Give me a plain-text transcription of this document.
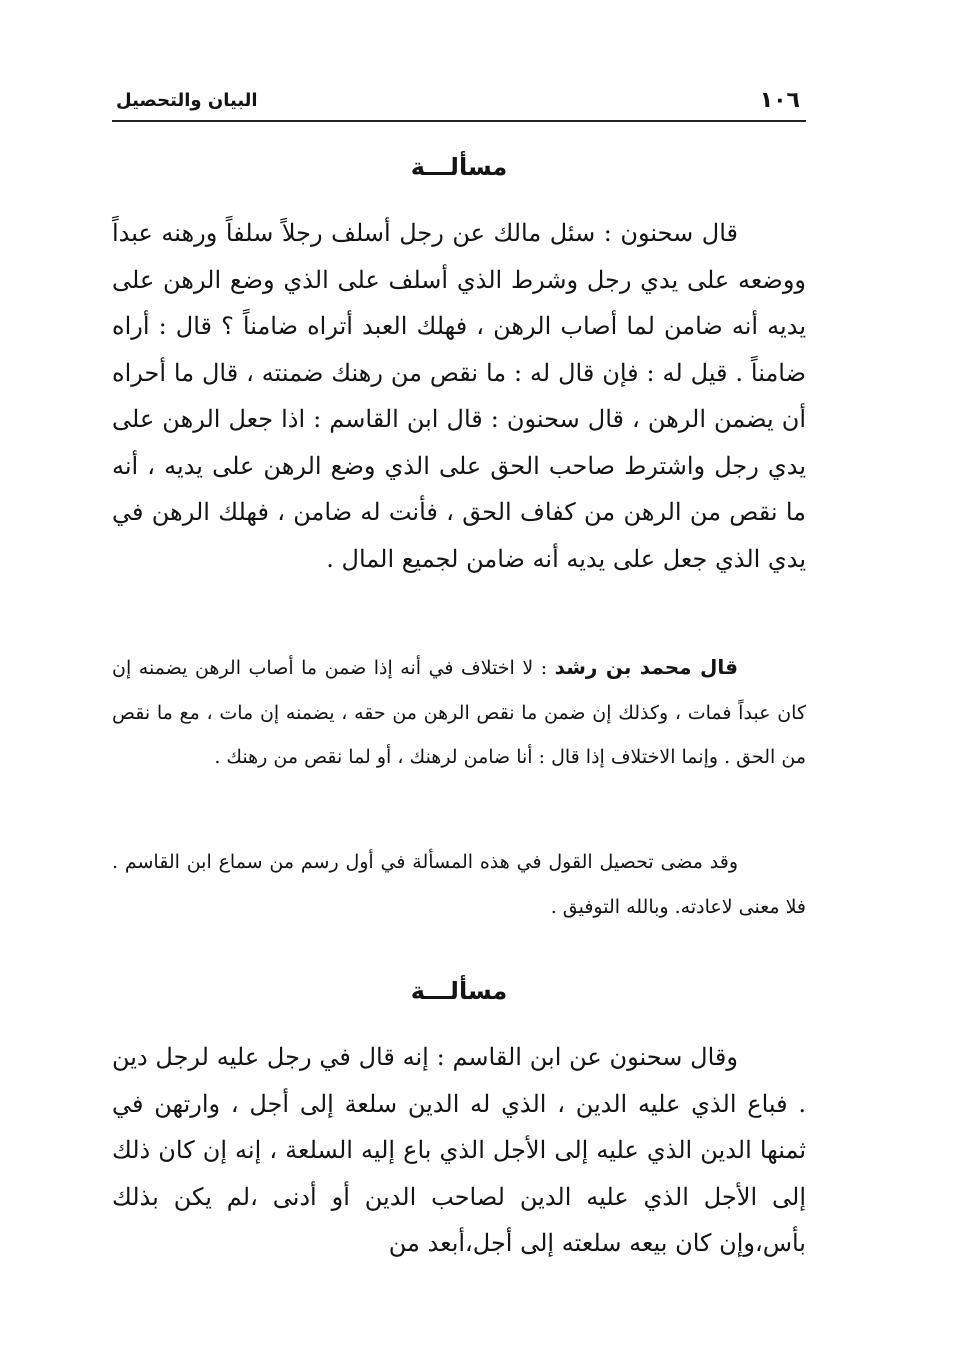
١٠٦
البيان والتحصيل
مسألـــة

قال سحنون : سئل مالك عن رجل أسلف رجلاً سلفاً ورهنه عبداً ووضعه على يدي رجل وشرط الذي أسلف على الذي وضع الرهن على يديه أنه ضامن لما أصاب الرهن ، فهلك العبد أتراه ضامناً ؟ قال : أراه ضامناً . قيل له : فإن قال له : ما نقص من رهنك ضمنته ، قال ما أحراه أن يضمن الرهن ، قال سحنون : قال ابن القاسم : اذا جعل الرهن على يدي رجل واشترط صاحب الحق على الذي وضع الرهن على يديه ، أنه ما نقص من الرهن من كفاف الحق ، فأنت له ضامن ، فهلك الرهن في يدي الذي جعل على يديه أنه ضامن لجميع المال .

قال محمد بن رشد : لا اختلاف في أنه إذا ضمن ما أصاب الرهن يضمنه إن كان عبداً فمات ، وكذلك إن ضمن ما نقص الرهن من حقه ، يضمنه إن مات ، مع ما نقص من الحق . وإنما الاختلاف إذا قال : أنا ضامن لرهنك ، أو لما نقص من رهنك .

وقد مضى تحصيل القول في هذه المسألة في أول رسم من سماع ابن القاسم . فلا معنى لاعادته. وبالله التوفيق .

مسألـــة

وقال سحنون عن ابن القاسم : إنه قال في رجل عليه لرجل دين . فباع الذي عليه الدين ، الذي له الدين سلعة إلى أجل ، وارتهن في ثمنها الدين الذي عليه إلى الأجل الذي باع إليه السلعة ، إنه إن كان ذلك إلى الأجل الذي عليه الدين لصاحب الدين أو أدنى ،لم يكن بذلك بأس،وإن كان بيعه سلعته إلى أجل،أبعد من
